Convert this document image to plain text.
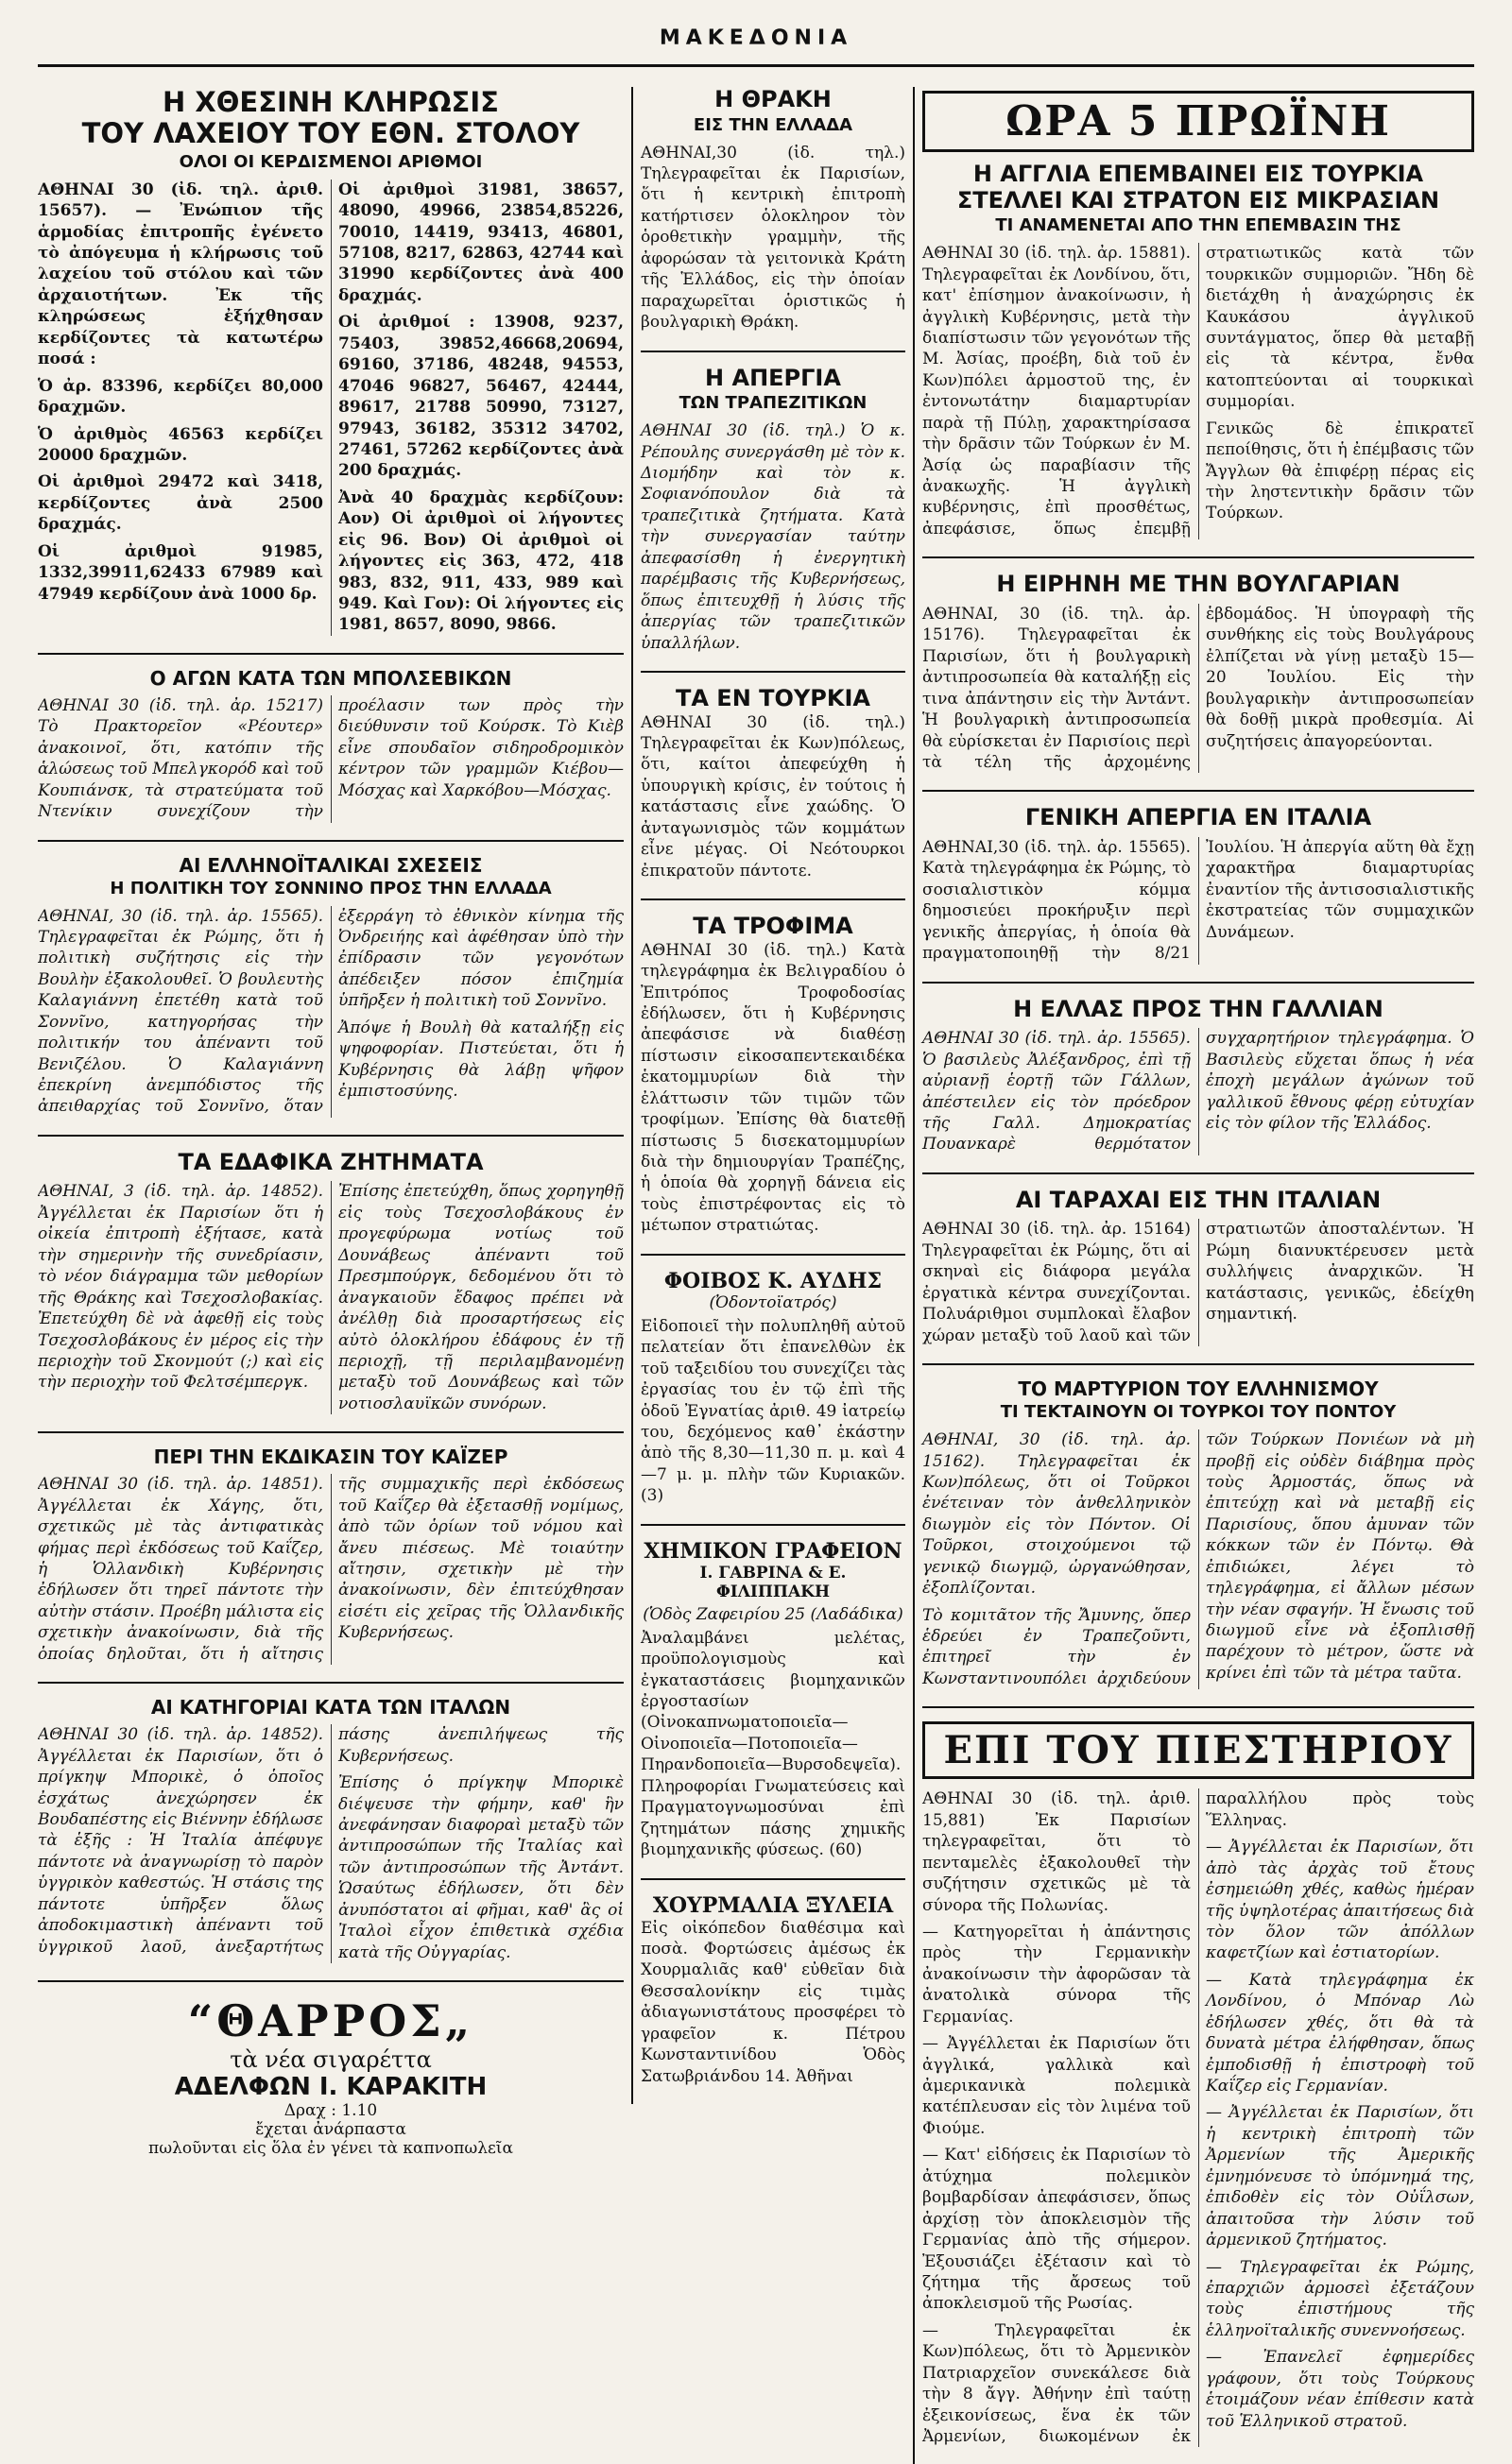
ΜΑΚΕΔΟΝΙΑ
Η ΧΘΕΣΙΝΗ ΚΛΗΡΩΣΙΣ
ΤΟΥ ΛΑΧΕΙΟΥ ΤΟΥ ΕΘΝ. ΣΤΟΛΟΥ
ΟΛΟΙ ΟΙ ΚΕΡΔΙΣΜΕΝΟΙ ΑΡΙΘΜΟΙ

ΑΘΗΝΑΙ 30 (ἰδ. τηλ. ἀριθ. 15657). — Ἐνώπιον τῆς ἁρμοδίας ἐπιτροπῆς ἐγένετο τὸ ἀπόγευμα ἡ κλήρωσις τοῦ λαχείου τοῦ στόλου καὶ τῶν ἀρχαιοτήτων. Ἐκ τῆς κληρώσεως ἐξήχθησαν κερδίζοντες τὰ κατωτέρω ποσά :

Ὁ ἀρ. 83396, κερδίζει 80,000 δραχμῶν.

Ὁ ἀριθμὸς 46563 κερδίζει 20000 δραχμῶν.

Οἱ ἀριθμοὶ 29472 καὶ 3418, κερδίζοντες ἀνὰ 2500 δραχμάς.

Οἱ ἀριθμοὶ 91985, 1332,39911,62433 67989 καὶ 47949 κερδίζουν ἀνὰ 1000 δρ.

Οἱ ἀριθμοὶ 31981, 38657, 48090, 49966, 23854,85226, 70010, 14419, 93413, 46801, 57108, 8217, 62863, 42744 καὶ 31990 κερδίζοντες ἀνὰ 400 δραχμάς.

Οἱ ἀριθμοί : 13908, 9237, 75403, 39852,46668,20694, 69160, 37186, 48248, 94553, 47046 96827, 56467, 42444, 89617, 21788 50990, 73127, 97943, 36182, 35312 34702, 27461, 57262 κερδίζοντες ἀνὰ 200 δραχμάς.

Ἀνὰ 40 δραχμὰς κερδίζουν: Αον) Οἱ ἀριθμοὶ οἱ λήγοντες εἰς 96. Βον) Οἱ ἀριθμοὶ οἱ λήγοντες εἰς 363, 472, 418 983, 832, 911, 433, 989 καὶ 949. Καὶ Γον): Οἱ λήγοντες εἰς 1981, 8657, 8090, 9866.

Ο ΑΓΩΝ ΚΑΤΑ ΤΩΝ ΜΠΟΛΣΕΒΙΚΩΝ

ΑΘΗΝΑΙ 30 (ἰδ. τηλ. ἀρ. 15217) Τὸ Πρακτορεῖον «Ρέουτερ» ἀνακοινοῖ, ὅτι, κατόπιν τῆς ἁλώσεως τοῦ Μπελγκορόδ καὶ τοῦ Κουπιάνσκ, τὰ στρατεύματα τοῦ Ντενίκιν συνεχίζουν τὴν προέλασιν των πρὸς τὴν διεύθυνσιν τοῦ Κούρσκ. Τὸ Κιὲβ εἶνε σπουδαῖον σιδηροδρομικὸν κέντρον τῶν γραμμῶν Κιέβου—Μόσχας καὶ Χαρκόβου—Μόσχας.

ΑΙ ΕΛΛΗΝΟΪΤΑΛΙΚΑΙ ΣΧΕΣΕΙΣ
Η ΠΟΛΙΤΙΚΗ ΤΟΥ ΣΟΝΝΙΝΟ ΠΡΟΣ ΤΗΝ ΕΛΛΑΔΑ

ΑΘΗΝΑΙ, 30 (ἰδ. τηλ. ἀρ. 15565). Τηλεγραφεῖται ἐκ Ρώμης, ὅτι ἡ πολιτικὴ συζήτησις εἰς τὴν Βουλὴν ἐξακολουθεῖ. Ὁ βουλευτὴς Καλαγιάννη ἐπετέθη κατὰ τοῦ Σοννῖνο, κατηγορήσας τὴν πολιτικήν του ἀπέναντι τοῦ Βενιζέλου. Ὁ Καλαγιάννη ἐπεκρίνη ἀνεμπόδιστος τῆς ἀπειθαρχίας τοῦ Σοννῖνο, ὅταν ἐξερράγη τὸ ἐθνικὸν κίνημα τῆς Ὀνδρειήης καὶ ἀφέθησαν ὑπὸ τὴν ἐπίδρασιν τῶν γεγονότων ἀπέδειξεν πόσον ἐπιζημία ὑπῆρξεν ἡ πολιτικὴ τοῦ Σοννῖνο.

Ἀπόψε ἡ Βουλὴ θὰ καταλήξῃ εἰς ψηφοφορίαν. Πιστεύεται, ὅτι ἡ Κυβέρνησις θὰ λάβῃ ψῆφον ἐμπιστοσύνης.

ΤΑ ΕΔΑΦΙΚΑ ΖΗΤΗΜΑΤΑ

ΑΘΗΝΑΙ, 3 (ἰδ. τηλ. ἀρ. 14852). Ἀγγέλλεται ἐκ Παρισίων ὅτι ἡ οἰκεία ἐπιτροπὴ ἐξήτασε, κατὰ τὴν σημερινὴν τῆς συνεδρίασιν, τὸ νέον διάγραμμα τῶν μεθορίων τῆς Θράκης καὶ Τσεχοσλοβακίας. Ἐπετεύχθη δὲ νὰ ἀφεθῇ εἰς τοὺς Τσεχοσλοβάκους ἐν μέρος εἰς τὴν περιοχὴν τοῦ Σκονμούτ (;) καὶ εἰς τὴν περιοχὴν τοῦ Φελτσέμπεργκ.

Ἐπίσης ἐπετεύχθη, ὅπως χορηγηθῇ εἰς τοὺς Τσεχοσλοβάκους ἐν προγεφύρωμα νοτίως τοῦ Δουνάβεως ἀπέναντι τοῦ Πρεσμπούργκ, δεδομένου ὅτι τὸ ἀναγκαιοῦν ἔδαφος πρέπει νὰ ἀνέλθῃ διὰ προσαρτήσεως εἰς αὐτὸ ὁλοκλήρου ἐδάφους ἐν τῇ περιοχῇ, τῇ περιλαμβανομένῃ μεταξὺ τοῦ Δουνάβεως καὶ τῶν νοτιοσλαυϊκῶν συνόρων.

ΠΕΡΙ ΤΗΝ ΕΚΔΙΚΑΣΙΝ ΤΟΥ ΚΑΪΖΕΡ

ΑΘΗΝΑΙ 30 (ἰδ. τηλ. ἀρ. 14851). Ἀγγέλλεται ἐκ Χάγης, ὅτι, σχετικῶς μὲ τὰς ἀντιφατικὰς φήμας περὶ ἐκδόσεως τοῦ Καΐζερ, ἡ Ὁλλανδικὴ Κυβέρνησις ἐδήλωσεν ὅτι τηρεῖ πάντοτε τὴν αὐτὴν στάσιν. Προέβη μάλιστα εἰς σχετικὴν ἀνακοίνωσιν, διὰ τῆς ὁποίας δηλοῦται, ὅτι ἡ αἴτησις τῆς συμμαχικῆς περὶ ἐκδόσεως τοῦ Καΐζερ θὰ ἐξετασθῇ νομίμως, ἀπὸ τῶν ὁρίων τοῦ νόμου καὶ ἄνευ πιέσεως. Μὲ τοιαύτην αἴτησιν, σχετικὴν μὲ τὴν ἀνακοίνωσιν, δὲν ἐπιτεύχθησαν εἰσέτι εἰς χεῖρας τῆς Ὁλλανδικῆς Κυβερνήσεως.

ΑΙ ΚΑΤΗΓΟΡΙΑΙ ΚΑΤΑ ΤΩΝ ΙΤΑΛΩΝ

ΑΘΗΝΑΙ 30 (ἰδ. τηλ. ἀρ. 14852). Ἀγγέλλεται ἐκ Παρισίων, ὅτι ὁ πρίγκηψ Μπορικὲ, ὁ ὁποῖος ἐσχάτως ἀνεχώρησεν ἐκ Βουδαπέστης εἰς Βιέννην ἐδήλωσε τὰ ἑξῆς : Ἡ Ἰταλία ἀπέφυγε πάντοτε νὰ ἀναγνωρίσῃ τὸ παρὸν ὑγγρικὸν καθεστώς. Ἡ στάσις της πάντοτε ὑπῆρξεν ὅλως ἀποδοκιμαστικὴ ἀπέναντι τοῦ ὑγγρικοῦ λαοῦ, ἀνεξαρτήτως πάσης ἀνεπιλήψεως τῆς Κυβερνήσεως.

Ἐπίσης ὁ πρίγκηψ Μπορικὲ διέψευσε τὴν φήμην, καθ' ἣν ἀνεφάνησαν διαφοραὶ μεταξὺ τῶν ἀντιπροσώπων τῆς Ἰταλίας καὶ τῶν ἀντιπροσώπων τῆς Ἀντάντ. Ὡσαύτως ἐδήλωσεν, ὅτι δὲν ἀνυπόστατοι αἱ φῆμαι, καθ' ἃς οἱ Ἰταλοὶ εἶχον ἐπιθετικὰ σχέδια κατὰ τῆς Οὐγγαρίας.

“ΘΑΡΡΟΣ„
τὰ νέα σιγαρέττα
ΑΔΕΛΦΩΝ Ι. ΚΑΡΑΚΙΤΗ
Δραχ : 1.10
ἔχεται ἀνάρπαστα
πωλοῦνται εἰς ὅλα ἐν γένει τὰ καπνοπωλεῖα
Η ΘΡΑΚΗ
ΕΙΣ ΤΗΝ ΕΛΛΑΔΑ

ΑΘΗΝΑΙ,30 (ἰδ. τηλ.) Τηλεγραφεῖται ἐκ Παρισίων, ὅτι ἡ κεντρικὴ ἐπιτροπὴ κατήρτισεν ὁλοκληρον τὸν ὁροθετικὴν γραμμὴν, τῆς ἀφορώσαν τὰ γειτονικὰ Κράτη τῆς Ἑλλάδος, εἰς τὴν ὁποίαν παραχωρεῖται ὁριστικῶς ἡ βουλγαρικὴ Θράκη.

Η ΑΠΕΡΓΙΑ
ΤΩΝ ΤΡΑΠΕΖΙΤΙΚΩΝ

ΑΘΗΝΑΙ 30 (ἰδ. τηλ.) Ὁ κ. Ρέπουλης συνεργάσθη μὲ τὸν κ. Διομήδην καὶ τὸν κ. Σοφιανόπουλον διὰ τὰ τραπεζιτικὰ ζητήματα. Κατὰ τὴν συνεργασίαν ταύτην ἀπεφασίσθη ἡ ἐνεργητικὴ παρέμβασις τῆς Κυβερνήσεως, ὅπως ἐπιτευχθῇ ἡ λύσις τῆς ἀπεργίας τῶν τραπεζιτικῶν ὑπαλλήλων.

ΤΑ ΕΝ ΤΟΥΡΚΙΑ

ΑΘΗΝΑΙ 30 (ἰδ. τηλ.) Τηλεγραφεῖται ἐκ Κων)πόλεως, ὅτι, καίτοι ἀπεφεύχθη ἡ ὑπουργικὴ κρίσις, ἐν τούτοις ἡ κατάστασις εἶνε χαώδης. Ὁ ἀνταγωνισμὸς τῶν κομμάτων εἶνε μέγας. Οἱ Νεότουρκοι ἐπικρατοῦν πάντοτε.

ΤΑ ΤΡΟΦΙΜΑ

ΑΘΗΝΑΙ 30 (ἰδ. τηλ.) Κατὰ τηλεγράφημα ἐκ Βελιγραδίου ὁ Ἐπιτρόπος Τροφοδοσίας ἐδήλωσεν, ὅτι ἡ Κυβέρνησις ἀπεφάσισε νὰ διαθέσῃ πίστωσιν εἰκοσαπεντεκαιδέκα ἑκατομμυρίων διὰ τὴν ἐλάττωσιν τῶν τιμῶν τῶν τροφίμων. Ἐπίσης θὰ διατεθῇ πίστωσις 5 δισεκατομμυρίων διὰ τὴν δημιουργίαν Τραπέζης, ἡ ὁποία θὰ χορηγῇ δάνεια εἰς τοὺς ἐπιστρέφοντας εἰς τὸ μέτωπον στρατιώτας.

ΦΟΙΒΟΣ Κ. ΑΥΔΗΣ
(Ὀδοντοϊατρός)

Εἰδοποιεῖ τὴν πολυπληθῆ αὐτοῦ πελατείαν ὅτι ἐπανελθὼν ἐκ τοῦ ταξειδίου του συνεχίζει τὰς ἐργασίας του ἐν τῷ ἐπὶ τῆς ὁδοῦ Ἐγνατίας ἀριθ. 49 ἰατρείῳ του, δεχόμενος καθ᾽ ἑκάστην ἀπὸ τῆς 8,30—11,30 π. μ. καὶ 4—7 μ. μ. πλὴν τῶν Κυριακῶν. (3)

ΧΗΜΙΚΟΝ ΓΡΑΦΕΙΟΝ
Ι. ΓΑΒΡΙΝΑ & Ε. ΦΙΛΙΠΠΑΚΗ
(Ὁδὸς Ζαφειρίου 25 (Λαδάδικα)

Ἀναλαμβάνει μελέτας, προϋπολογισμοὺς καὶ ἐγκαταστάσεις βιομηχανικῶν ἐργοστασίων (Οἰνοκαπνωματοποιεῖα—Οἰνοποιεῖα—Ποτοποιεῖα—Πηρανδοποιεῖα—Βυρσοδεψεῖα). Πληροφορίαι Γνωματεύσεις καὶ Πραγματογνωμοσύναι ἐπὶ ζητημάτων πάσης χημικῆς βιομηχανικῆς φύσεως. (60)

ΧΟΥΡΜΑΛΙΑ ΞΥΛΕΙΑ

Εἰς οἰκόπεδον διαθέσιμα καὶ ποσὰ. Φορτώσεις ἀμέσως ἐκ Χουρμαλιᾶς καθ' εὐθεῖαν διὰ Θεσσαλονίκην εἰς τιμὰς ἀδιαγωνιστάτους προσφέρει τὸ γραφεῖον κ. Πέτρου Κωνσταντινίδου Ὁδὸς Σατωβριάνδου 14. Ἀθῆναι

ΩΡΑ 5 ΠΡΩΪΝΗ
Η ΑΓΓΛΙΑ ΕΠΕΜΒΑΙΝΕΙ ΕΙΣ ΤΟΥΡΚΙΑ
ΣΤΕΛΛΕΙ ΚΑΙ ΣΤΡΑΤΟΝ ΕΙΣ ΜΙΚΡΑΣΙΑΝ
ΤΙ ΑΝΑΜΕΝΕΤΑΙ ΑΠΟ ΤΗΝ ΕΠΕΜΒΑΣΙΝ ΤΗΣ

ΑΘΗΝΑΙ 30 (ἰδ. τηλ. ἀρ. 15881). Τηλεγραφεῖται ἐκ Λονδίνου, ὅτι, κατ' ἐπίσημον ἀνακοίνωσιν, ἡ ἀγγλικὴ Κυβέρνησις, μετὰ τὴν διαπίστωσιν τῶν γεγονότων τῆς Μ. Ἀσίας, προέβη, διὰ τοῦ ἐν Κων)πόλει ἁρμοστοῦ της, ἐν ἐντονωτάτην διαμαρτυρίαν παρὰ τῇ Πύλῃ, χαρακτηρίσασα τὴν δρᾶσιν τῶν Τούρκων ἐν Μ. Ἀσίᾳ ὡς παραβίασιν τῆς ἀνακωχῆς. Ἡ ἀγγλικὴ κυβέρνησις, ἐπὶ προσθέτως, ἀπεφάσισε, ὅπως ἐπεμβῇ στρατιωτικῶς κατὰ τῶν τουρκικῶν συμμοριῶν. Ἤδη δὲ διετάχθη ἡ ἀναχώρησις ἐκ Καυκάσου ἀγγλικοῦ συντάγματος, ὅπερ θὰ μεταβῇ εἰς τὰ κέντρα, ἔνθα κατοπτεύονται αἱ τουρκικαὶ συμμορίαι.

Γενικῶς δὲ ἐπικρατεῖ πεποίθησις, ὅτι ἡ ἐπέμβασις τῶν Ἄγγλων θὰ ἐπιφέρῃ πέρας εἰς τὴν ληστεντικὴν δρᾶσιν τῶν Τούρκων.

Η ΕΙΡΗΝΗ ΜΕ ΤΗΝ ΒΟΥΛΓΑΡΙΑΝ

ΑΘΗΝΑΙ, 30 (ἰδ. τηλ. ἀρ. 15176). Τηλεγραφεῖται ἐκ Παρισίων, ὅτι ἡ βουλγαρικὴ ἀντιπροσωπεία θὰ καταλήξῃ εἰς τινα ἀπάντησιν εἰς τὴν Ἀντάντ. Ἡ βουλγαρικὴ ἀντιπροσωπεία θὰ εὑρίσκεται ἐν Παρισίοις περὶ τὰ τέλη τῆς ἀρχομένης ἑβδομάδος. Ἡ ὑπογραφὴ τῆς συνθήκης εἰς τοὺς Βουλγάρους ἐλπίζεται νὰ γίνῃ μεταξὺ 15—20 Ἰουλίου. Εἰς τὴν βουλγαρικὴν ἀντιπροσωπείαν θὰ δοθῇ μικρὰ προθεσμία. Αἱ συζητήσεις ἀπαγορεύονται.

ΓΕΝΙΚΗ ΑΠΕΡΓΙΑ ΕΝ ΙΤΑΛΙΑ

ΑΘΗΝΑΙ,30 (ἰδ. τηλ. ἀρ. 15565). Κατὰ τηλεγράφημα ἐκ Ρώμης, τὸ σοσιαλιστικὸν κόμμα δημοσιεύει προκήρυξιν περὶ γενικῆς ἀπεργίας, ἡ ὁποία θὰ πραγματοποιηθῇ τὴν 8/21 Ἰουλίου. Ἡ ἀπεργία αὕτη θὰ ἔχῃ χαρακτῆρα διαμαρτυρίας ἐναντίον τῆς ἀντισοσιαλιστικῆς ἐκστρατείας τῶν συμμαχικῶν Δυνάμεων.

Η ΕΛΛΑΣ ΠΡΟΣ ΤΗΝ ΓΑΛΛΙΑΝ

ΑΘΗΝΑΙ 30 (ἰδ. τηλ. ἀρ. 15565). Ὁ βασιλεὺς Ἀλέξανδρος, ἐπὶ τῇ αὐριανῇ ἑορτῇ τῶν Γάλλων, ἀπέστειλεν εἰς τὸν πρόεδρον τῆς Γαλλ. Δημοκρατίας Πουανκαρὲ θερμότατον συγχαρητήριον τηλεγράφημα. Ὁ Βασιλεὺς εὔχεται ὅπως ἡ νέα ἐποχὴ μεγάλων ἀγώνων τοῦ γαλλικοῦ ἔθνους φέρῃ εὐτυχίαν εἰς τὸν φίλον τῆς Ἑλλάδος.

ΑΙ ΤΑΡΑΧΑΙ ΕΙΣ ΤΗΝ ΙΤΑΛΙΑΝ

ΑΘΗΝΑΙ 30 (ἰδ. τηλ. ἀρ. 15164) Τηλεγραφεῖται ἐκ Ρώμης, ὅτι αἱ σκηναὶ εἰς διάφορα μεγάλα ἐργατικὰ κέντρα συνεχίζονται. Πολυάριθμοι συμπλοκαὶ ἔλαβον χώραν μεταξὺ τοῦ λαοῦ καὶ τῶν στρατιωτῶν ἀποσταλέντων. Ἡ Ρώμη διανυκτέρευσεν μετὰ συλλήψεις ἀναρχικῶν. Ἡ κατάστασις, γενικῶς, ἐδείχθη σημαντική.

ΤΟ ΜΑΡΤΥΡΙΟΝ ΤΟΥ ΕΛΛΗΝΙΣΜΟΥ
ΤΙ ΤΕΚΤΑΙΝΟΥΝ ΟΙ ΤΟΥΡΚΟΙ ΤΟΥ ΠΟΝΤΟΥ

ΑΘΗΝΑΙ, 30 (ἰδ. τηλ. ἀρ. 15162). Τηλεγραφεῖται ἐκ Κων)πόλεως, ὅτι οἱ Τοῦρκοι ἐνέτειναν τὸν ἀνθελληνικὸν διωγμὸν εἰς τὸν Πόντον. Οἱ Τοῦρκοι, στοιχούμενοι τῷ γενικῷ διωγμῷ, ὡργανώθησαν, ἐξοπλίζονται.

Τὸ κομιτᾶτον τῆς Ἄμυνης, ὅπερ ἑδρεύει ἐν Τραπεζοῦντι, ἐπιτηρεῖ τὴν ἐν Κωνσταντινουπόλει ἀρχιδεύουν τῶν Τούρκων Πονιέων νὰ μὴ προβῇ εἰς οὐδὲν διάβημα πρὸς τοὺς Ἁρμοστάς, ὅπως νὰ ἐπιτεύχῃ καὶ νὰ μεταβῇ εἰς Παρισίους, ὅπου ἀμυναν τῶν κόκκων τῶν ἐν Πόντῳ. Θὰ ἐπιδιώκει, λέγει τὸ τηλεγράφημα, εἰ ἄλλων μέσων τὴν νέαν σφαγήν. Ἡ ἔνωσις τοῦ διωγμοῦ εἶνε νὰ ἐξοπλισθῇ παρέχουν τὸ μέτρον, ὥστε νὰ κρίνει ἐπὶ τῶν τὰ μέτρα ταῦτα.

ΕΠΙ ΤΟΥ ΠΙΕΣΤΗΡΙΟΥ

ΑΘΗΝΑΙ 30 (ἰδ. τηλ. ἀριθ. 15,881) Ἐκ Παρισίων τηλεγραφεῖται, ὅτι τὸ πενταμελὲς ἐξακολουθεῖ τὴν συζήτησιν σχετικῶς μὲ τὰ σύνορα τῆς Πολωνίας.

— Κατηγορεῖται ἡ ἀπάντησις πρὸς τὴν Γερμανικὴν ἀνακοίνωσιν τὴν ἀφορῶσαν τὰ ἀνατολικὰ σύνορα τῆς Γερμανίας.

— Ἀγγέλλεται ἐκ Παρισίων ὅτι ἀγγλικά, γαλλικὰ καὶ ἀμερικανικὰ πολεμικὰ κατέπλευσαν εἰς τὸν λιμένα τοῦ Φιούμε.

— Κατ' εἰδήσεις ἐκ Παρισίων τὸ ἀτύχημα πολεμικὸν βομβαρδίσαν ἀπεφάσισεν, ὅπως ἀρχίσῃ τὸν ἀποκλεισμὸν τῆς Γερμανίας ἀπὸ τῆς σήμερον. Ἐξουσιάζει ἐξέτασιν καὶ τὸ ζήτημα τῆς ἄρσεως τοῦ ἀποκλεισμοῦ τῆς Ρωσίας.

— Τηλεγραφεῖται ἐκ Κων)πόλεως, ὅτι τὸ Ἀρμενικὸν Πατριαρχεῖον συνεκάλεσε διὰ τὴν 8 ἄγγ. Ἀθήνην ἐπὶ ταύτῃ ἐξεικονίσεως, ἕνα ἐκ τῶν Ἀρμενίων, διωκομένων ἐκ παραλλήλου πρὸς τοὺς Ἕλληνας.

— Ἀγγέλλεται ἐκ Παρισίων, ὅτι ἀπὸ τὰς ἀρχὰς τοῦ ἔτους ἐσημειώθη χθές, καθὼς ἡμέραν τῆς ὑψηλοτέρας ἀπαιτήσεως διὰ τὸν ὅλον τῶν ἀπόλλων καφετζίων καὶ ἐστιατορίων.

— Κατὰ τηλεγράφημα ἐκ Λονδίνου, ὁ Μπόναρ Λὼ ἐδήλωσεν χθές, ὅτι θὰ τὰ δυνατὰ μέτρα ἐλήφθησαν, ὅπως ἐμποδισθῇ ἡ ἐπιστροφὴ τοῦ Καΐζερ εἰς Γερμανίαν.

— Ἀγγέλλεται ἐκ Παρισίων, ὅτι ἡ κεντρικὴ ἐπιτροπὴ τῶν Ἀρμενίων τῆς Ἀμερικῆς ἐμνημόνευσε τὸ ὑπόμνημά της, ἐπιδοθὲν εἰς τὸν Οὐΐλσων, ἀπαιτοῦσα τὴν λύσιν τοῦ ἀρμενικοῦ ζητήματος.

— Τηλεγραφεῖται ἐκ Ρώμης, ἐπαρχιῶν ἀρμοσεὶ ἐξετάζουν τοὺς ἐπιστήμους τῆς ἑλληνοϊταλικῆς συνεννοήσεως.

— Ἐπανελεῖ ἐφημερίδες γράφουν, ὅτι τοὺς Τούρκους ἑτοιμάζουν νέαν ἐπίθεσιν κατὰ τοῦ Ἑλληνικοῦ στρατοῦ.
